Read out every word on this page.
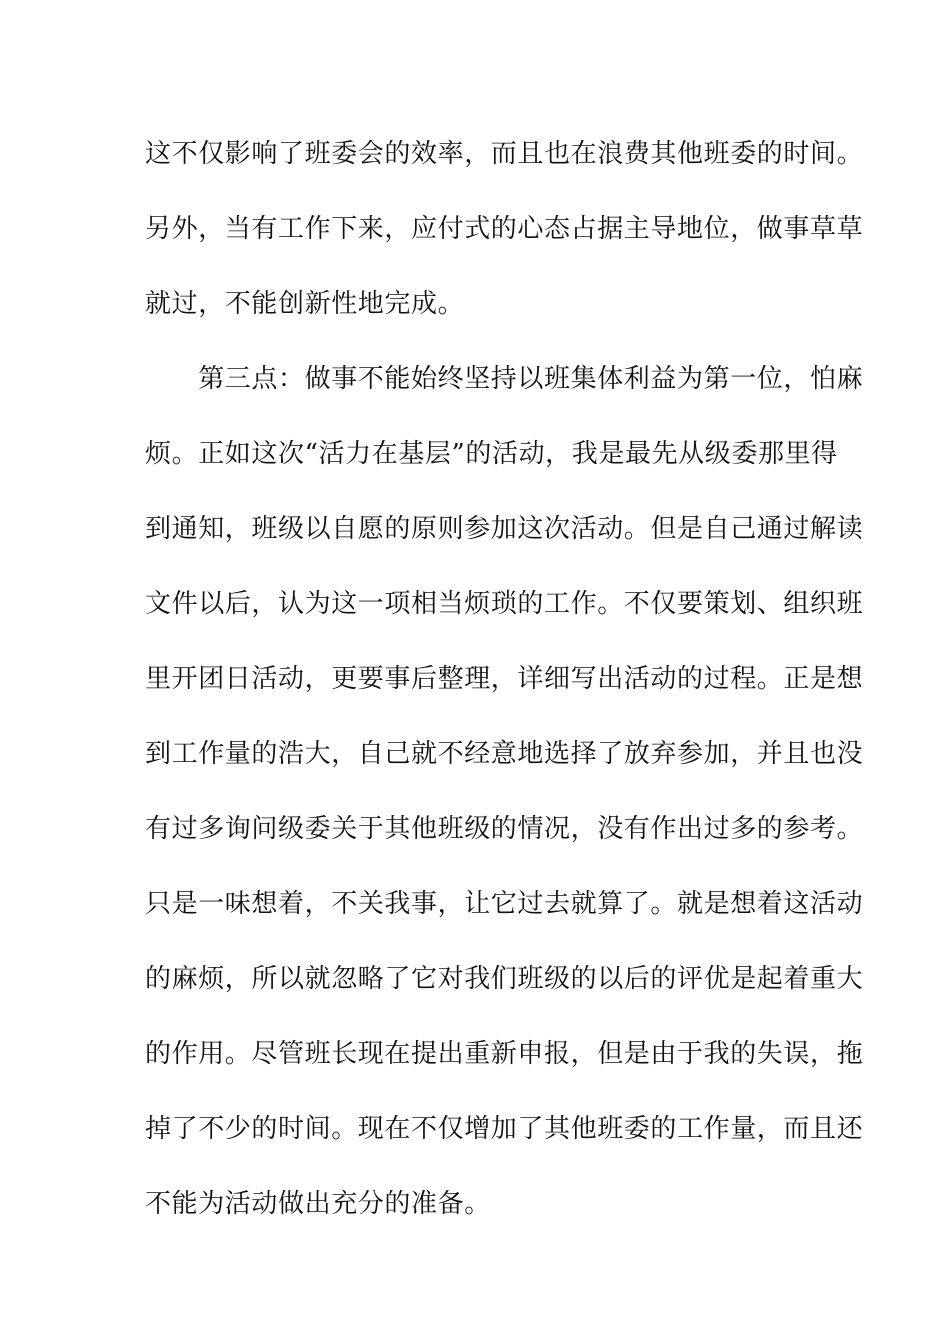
这不仅影响了班委会的效率，而且也在浪费其他班委的时间。
另外，当有工作下来，应付式的心态占据主导地位，做事草草
就过，不能创新性地完成。
　　第三点：做事不能始终坚持以班集体利益为第一位，怕麻
烦。正如这次“活力在基层”的活动，我是最先从级委那里得
到通知，班级以自愿的原则参加这次活动。但是自己通过解读
文件以后，认为这一项相当烦琐的工作。不仅要策划、组织班
里开团日活动，更要事后整理，详细写出活动的过程。正是想
到工作量的浩大，自己就不经意地选择了放弃参加，并且也没
有过多询问级委关于其他班级的情况，没有作出过多的参考。
只是一味想着，不关我事，让它过去就算了。就是想着这活动
的麻烦，所以就忽略了它对我们班级的以后的评优是起着重大
的作用。尽管班长现在提出重新申报，但是由于我的失误，拖
掉了不少的时间。现在不仅增加了其他班委的工作量，而且还
不能为活动做出充分的准备。
